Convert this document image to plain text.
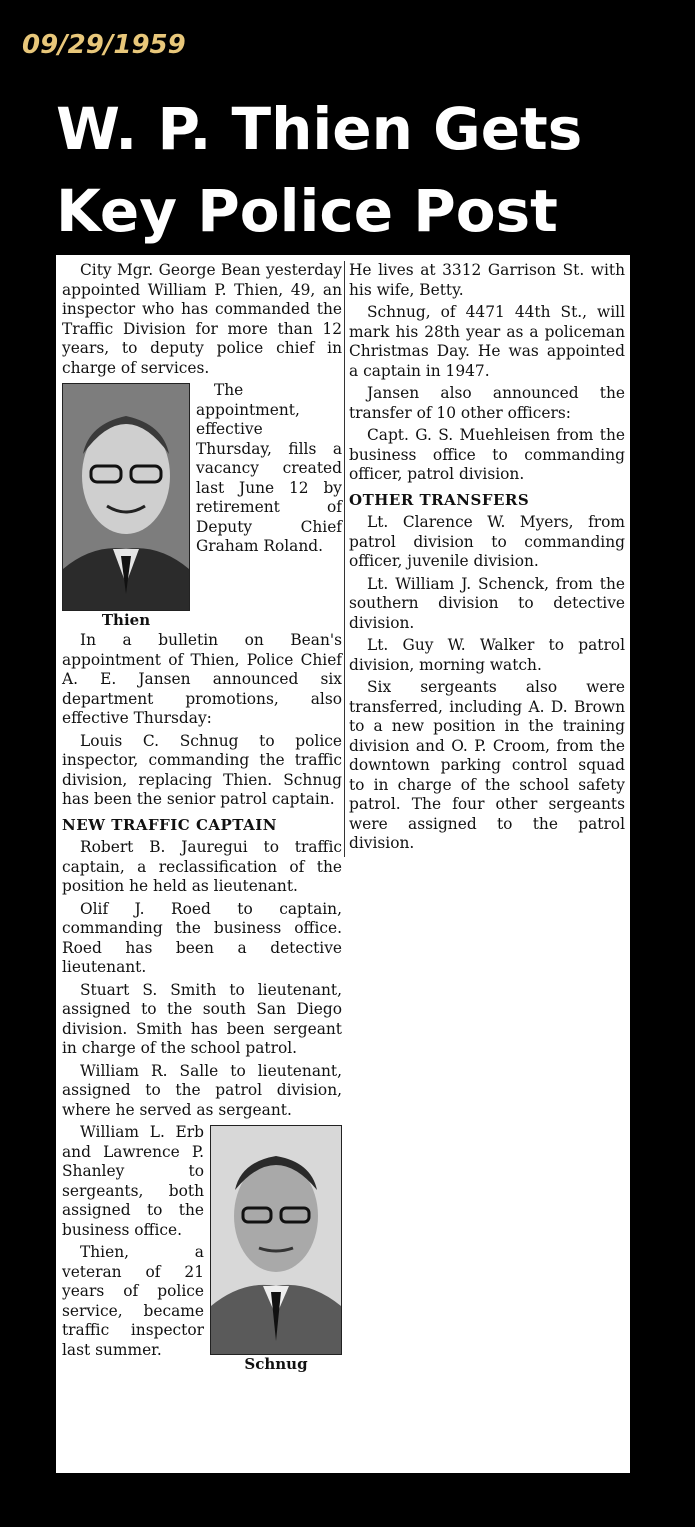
09/29/1959
W. P. Thien Gets
Key Police Post

City Mgr. George Bean yesterday appointed William P. Thien, 49, an inspector who has commanded the Traffic Division for more than 12 years, to deputy police chief in charge of services.

Thien

The appointment, effective Thursday, fills a vacancy created last June 12 by retirement of Deputy Chief Graham Roland.

In a bulletin on Bean's appointment of Thien, Police Chief A. E. Jansen announced six department promotions, also effective Thursday:

Louis C. Schnug to police inspector, commanding the traffic division, replacing Thien. Schnug has been the senior patrol captain.

NEW TRAFFIC CAPTAIN

Robert B. Jauregui to traffic captain, a reclassification of the position he held as lieutenant.

Olif J. Roed to captain, commanding the business office. Roed has been a detective lieutenant.

Stuart S. Smith to lieutenant, assigned to the south San Diego division. Smith has been sergeant in charge of the school patrol.

William R. Salle to lieutenant, assigned to the patrol division, where he served as sergeant.

Schnug

William L. Erb and Lawrence P. Shanley to sergeants, both assigned to the business office.

Thien, a veteran of 21 years of police service, became traffic inspector last summer.

He lives at 3312 Garrison St. with his wife, Betty.

Schnug, of 4471 44th St., will mark his 28th year as a policeman Christmas Day. He was appointed a captain in 1947.

Jansen also announced the transfer of 10 other officers:

Capt. G. S. Muehleisen from the business office to commanding officer, patrol division.

OTHER TRANSFERS

Lt. Clarence W. Myers, from patrol division to commanding officer, juvenile division.

Lt. William J. Schenck, from the southern division to detective division.

Lt. Guy W. Walker to patrol division, morning watch.

Six sergeants also were transferred, including A. D. Brown to a new position in the training division and O. P. Croom, from the downtown parking control squad to in charge of the school safety patrol. The four other sergeants were assigned to the patrol division.
